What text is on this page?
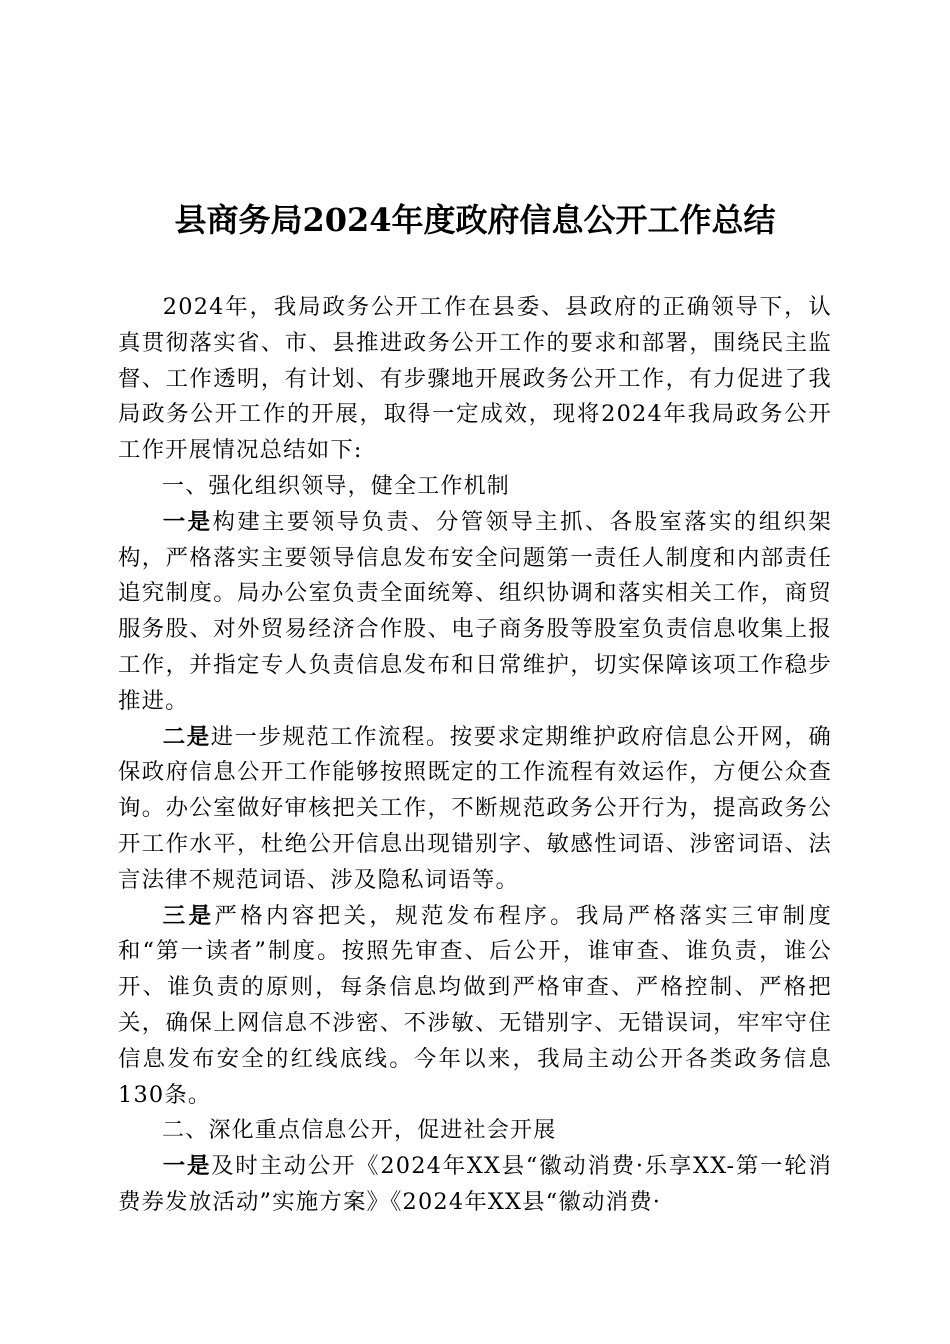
县商务局2024年度政府信息公开工作总结

2024年，我局政务公开工作在县委、县政府的正确领导下，认真贯彻落实省、市、县推进政务公开工作的要求和部署，围绕民主监督、工作透明，有计划、有步骤地开展政务公开工作，有力促进了我局政务公开工作的开展，取得一定成效，现将2024年我局政务公开工作开展情况总结如下:

一、强化组织领导，健全工作机制

一是构建主要领导负责、分管领导主抓、各股室落实的组织架构，严格落实主要领导信息发布安全问题第一责任人制度和内部责任追究制度。局办公室负责全面统筹、组织协调和落实相关工作，商贸服务股、对外贸易经济合作股、电子商务股等股室负责信息收集上报工作，并指定专人负责信息发布和日常维护，切实保障该项工作稳步推进。

二是进一步规范工作流程。按要求定期维护政府信息公开网，确保政府信息公开工作能够按照既定的工作流程有效运作，方便公众查询。办公室做好审核把关工作，不断规范政务公开行为，提高政务公开工作水平，杜绝公开信息出现错别字、敏感性词语、涉密词语、法言法律不规范词语、涉及隐私词语等。

三是严格内容把关，规范发布程序。我局严格落实三审制度和“第一读者”制度。按照先审查、后公开，谁审查、谁负责，谁公开、谁负责的原则，每条信息均做到严格审查、严格控制、严格把关，确保上网信息不涉密、不涉敏、无错别字、无错误词，牢牢守住信息发布安全的红线底线。今年以来，我局主动公开各类政务信息130条。

二、深化重点信息公开，促进社会开展

一是及时主动公开《2024年XX县“徽动消费·乐享XX-第一轮消费券发放活动”实施方案》《2024年XX县“徽动消费·
